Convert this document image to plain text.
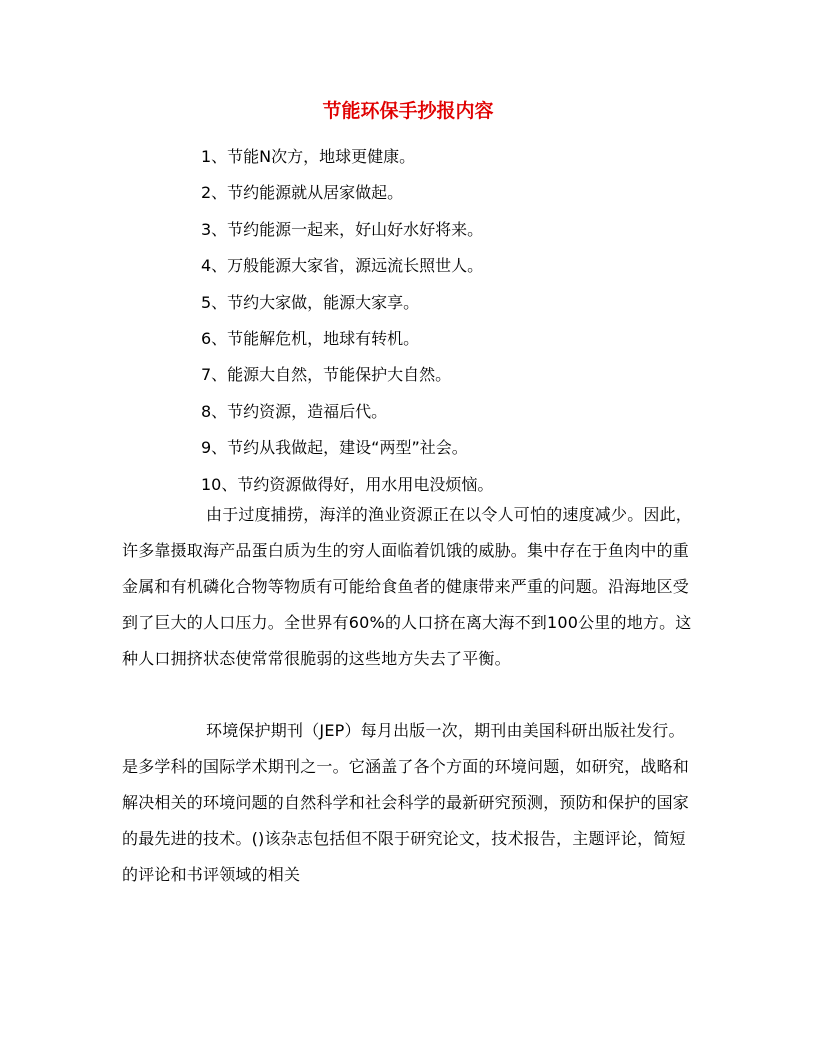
节能环保手抄报内容
1、节能N次方，地球更健康。
2、节约能源就从居家做起。
3、节约能源一起来，好山好水好将来。
4、万般能源大家省，源远流长照世人。
5、节约大家做，能源大家享。
6、节能解危机，地球有转机。
7、能源大自然，节能保护大自然。
8、节约资源，造福后代。
9、节约从我做起，建设“两型”社会。
10、节约资源做得好，用水用电没烦恼。

由于过度捕捞，海洋的渔业资源正在以令人可怕的速度减少。因此，许多靠摄取海产品蛋白质为生的穷人面临着饥饿的威胁。集中存在于鱼肉中的重金属和有机磷化合物等物质有可能给食鱼者的健康带来严重的问题。沿海地区受到了巨大的人口压力。全世界有60%的人口挤在离大海不到100公里的地方。这种人口拥挤状态使常常很脆弱的这些地方失去了平衡。

环境保护期刊（JEP）每月出版一次，期刊由美国科研出版社发行。是多学科的国际学术期刊之一。它涵盖了各个方面的环境问题，如研究，战略和解决相关的环境问题的自然科学和社会科学的最新研究预测，预防和保护的国家的最先进的技术。()该杂志包括但不限于研究论文，技术报告，主题评论，简短的评论和书评领域的相关
